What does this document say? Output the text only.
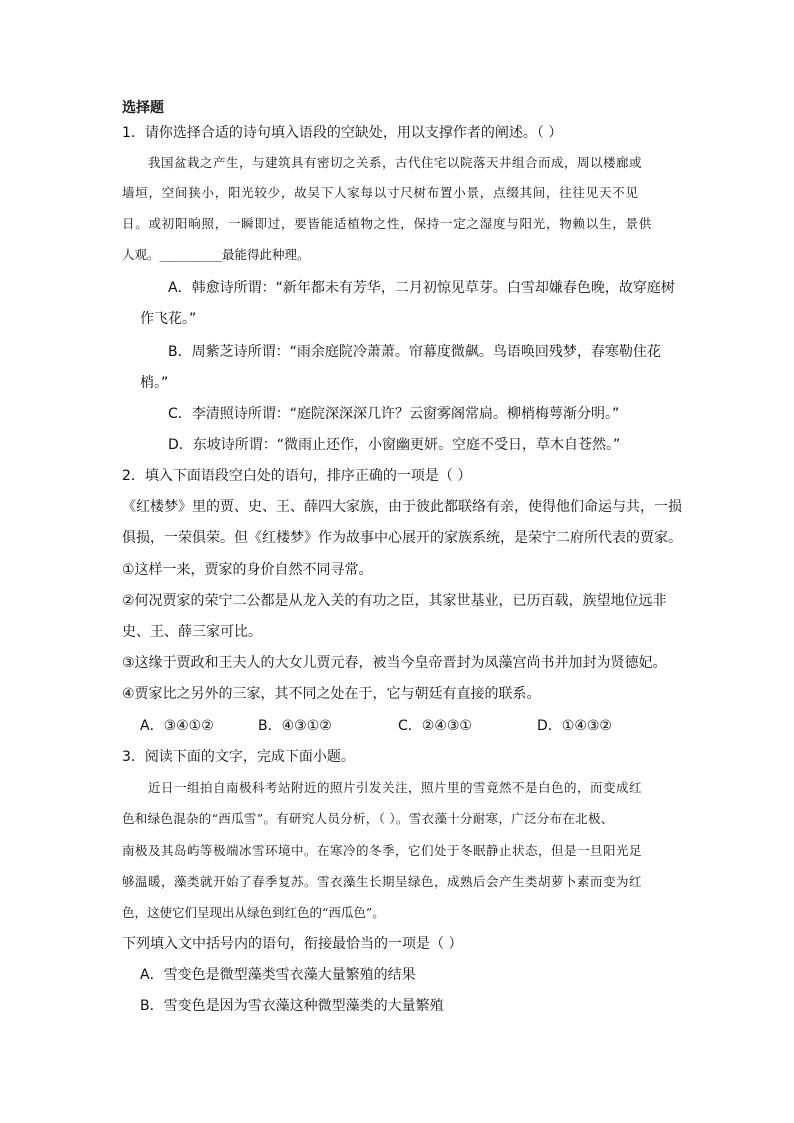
选择题
1．请你选择合适的诗句填入语段的空缺处，用以支撑作者的阐述。（ ）
我国盆栽之产生，与建筑具有密切之关系，古代住宅以院落天井组合而成，周以楼廊或
墙垣，空间狭小，阳光较少，故吴下人家每以寸尺树布置小景，点缀其间，往往见天不见
日。或初阳晌照，一瞬即过，要皆能适植物之性，保持一定之湿度与阳光，物赖以生，景供
人观。__________最能得此种理。
A．韩愈诗所谓：“新年都未有芳华，二月初惊见草芽。白雪却嫌春色晚，故穿庭树
作飞花。”
B．周紫芝诗所谓：“雨余庭院冷萧萧。帘幕度微飙。鸟语唤回残梦，春寒勒住花
梢。”
C．李清照诗所谓：“庭院深深深几许？云窗雾阁常扃。柳梢梅萼渐分明。”
D．东坡诗所谓：“微雨止还作，小窗幽更妍。空庭不受日，草木自苍然。”
2．填入下面语段空白处的语句，排序正确的一项是（ ）
《红楼梦》里的贾、史、王、薛四大家族，由于彼此都联络有亲，使得他们命运与共，一损
俱损，一荣俱荣。但《红楼梦》作为故事中心展开的家族系统，是荣宁二府所代表的贾家。
①这样一来，贾家的身价自然不同寻常。
②何况贾家的荣宁二公都是从龙入关的有功之臣，其家世基业，已历百载，族望地位远非
史、王、薛三家可比。
③这缘于贾政和王夫人的大女儿贾元春，被当今皇帝晋封为凤藻宫尚书并加封为贤德妃。
④贾家比之另外的三家，其不同之处在于，它与朝廷有直接的联系。
A．③④①②	B．④③①②	C．②④③①	D．①④③②
3．阅读下面的文字，完成下面小题。
近日一组拍自南极科考站附近的照片引发关注，照片里的雪竟然不是白色的，而变成红
色和绿色混杂的“西瓜雪”。有研究人员分析，（ ）。雪衣藻十分耐寒，广泛分布在北极、
南极及其岛屿等极端冰雪环境中。在寒冷的冬季，它们处于冬眠静止状态，但是一旦阳光足
够温暖，藻类就开始了春季复苏。雪衣藻生长期呈绿色，成熟后会产生类胡萝卜素而变为红
色，这使它们呈现出从绿色到红色的“西瓜色”。
下列填入文中括号内的语句，衔接最恰当的一项是（ ）
A．雪变色是微型藻类雪衣藻大量繁殖的结果
B．雪变色是因为雪衣藻这种微型藻类的大量繁殖
